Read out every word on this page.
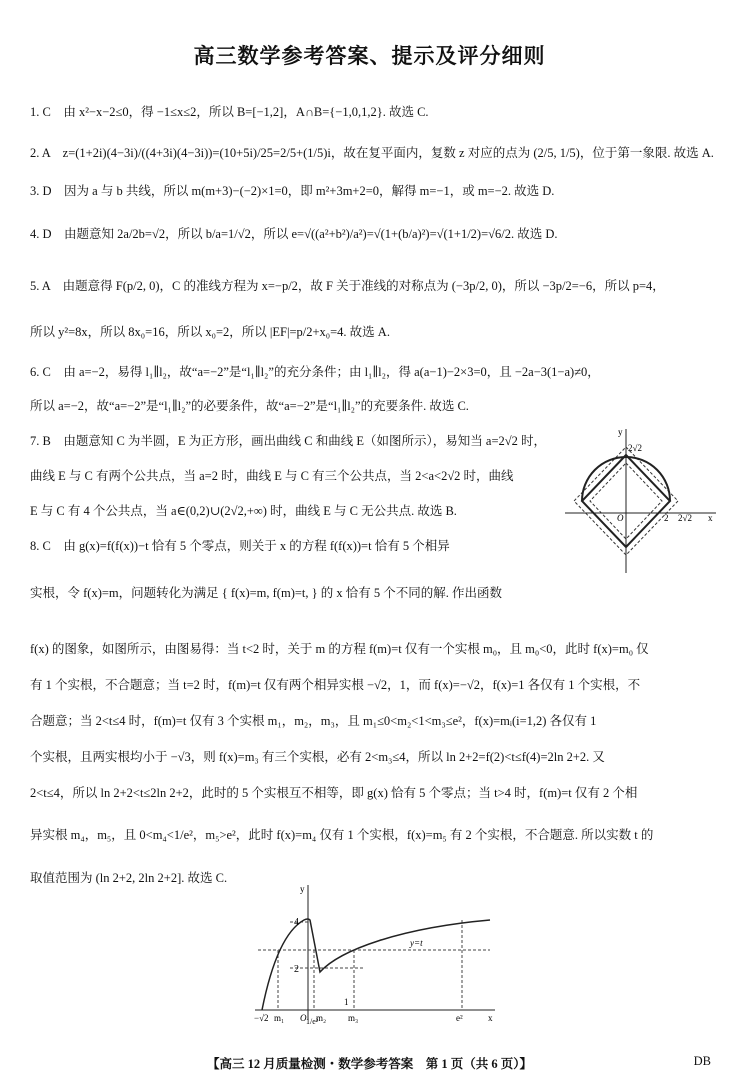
高三数学参考答案、提示及评分细则
1. C　由 x²−x−2≤0，得 −1≤x≤2，所以 B=[−1,2]，A∩B={−1,0,1,2}. 故选 C.
2. A　z=(1+2i)(4−3i)/((4+3i)(4−3i))=(10+5i)/25=2/5+(1/5)i，故在复平面内，复数 z 对应的点为 (2/5, 1/5)，位于第一象限. 故选 A.
3. D　因为 a 与 b 共线，所以 m(m+3)−(−2)×1=0，即 m²+3m+2=0，解得 m=−1，或 m=−2. 故选 D.
4. D　由题意知 2a/2b=√2，所以 b/a=1/√2，所以 e=√((a²+b²)/a²)=√(1+(b/a)²)=√(1+1/2)=√6/2. 故选 D.
5. A　由题意得 F(p/2, 0)，C 的准线方程为 x=−p/2，故 F 关于准线的对称点为 (−3p/2, 0)，所以 −3p/2=−6，所以 p=4，
所以 y²=8x，所以 8x₀=16，所以 x₀=2，所以 |EF|=p/2+x₀=4. 故选 A.
6. C　由 a=−2，易得 l₁∥l₂，故“a=−2”是“l₁∥l₂”的充分条件；由 l₁∥l₂，得 a(a−1)−2×3=0，且 −2a−3(1−a)≠0，
所以 a=−2，故“a=−2”是“l₁∥l₂”的必要条件，故“a=−2”是“l₁∥l₂”的充要条件. 故选 C.
7. B　由题意知 C 为半圆，E 为正方形，画出曲线 C 和曲线 E（如图所示），易知当 a=2√2 时，
曲线 E 与 C 有两个公共点，当 a=2 时，曲线 E 与 C 有三个公共点，当 2<a<2√2 时，曲线
E 与 C 有 4 个公共点，当 a∈(0,2)∪(2√2,+∞) 时，曲线 E 与 C 无公共点. 故选 B.
8. C　由 g(x)=f(f(x))−t 恰有 5 个零点，则关于 x 的方程 f(f(x))=t 恰有 5 个相异
实根，令 f(x)=m，问题转化为满足 { f(x)=m, f(m)=t, } 的 x 恰有 5 个不同的解. 作出函数
f(x) 的图象，如图所示，由图易得：当 t<2 时，关于 m 的方程 f(m)=t 仅有一个实根 m₀，且 m₀<0，此时 f(x)=m₀ 仅
有 1 个实根，不合题意；当 t=2 时，f(m)=t 仅有两个相异实根 −√2，1，而 f(x)=−√2，f(x)=1 各仅有 1 个实根，不
合题意；当 2<t≤4 时，f(m)=t 仅有 3 个实根 m₁，m₂，m₃，且 m₁≤0<m₂<1<m₃≤e²，f(x)=mᵢ(i=1,2) 各仅有 1
个实根，且两实根均小于 −√3，则 f(x)=m₃ 有三个实根，必有 2<m₃≤4，所以 ln 2+2=f(2)<t≤f(4)=2ln 2+2. 又
2<t≤4，所以 ln 2+2<t≤2ln 2+2，此时的 5 个实根互不相等，即 g(x) 恰有 5 个零点；当 t>4 时，f(m)=t 仅有 2 个相
异实根 m₄，m₅，且 0<m₄<1/e²，m₅>e²，此时 f(x)=m₄ 仅有 1 个实根，f(x)=m₅ 有 2 个实根，不合题意. 所以实数 t 的
取值范围为 (ln 2+2, 2ln 2+2]. 故选 C.
y
2√2
2√2
2
O	x
y
4
2
y=t
−√2 m₁ O 1/e²
m₂
1
m₃	e²	x
【高三 12 月质量检测・数学参考答案　第 1 页（共 6 页）】	DB
